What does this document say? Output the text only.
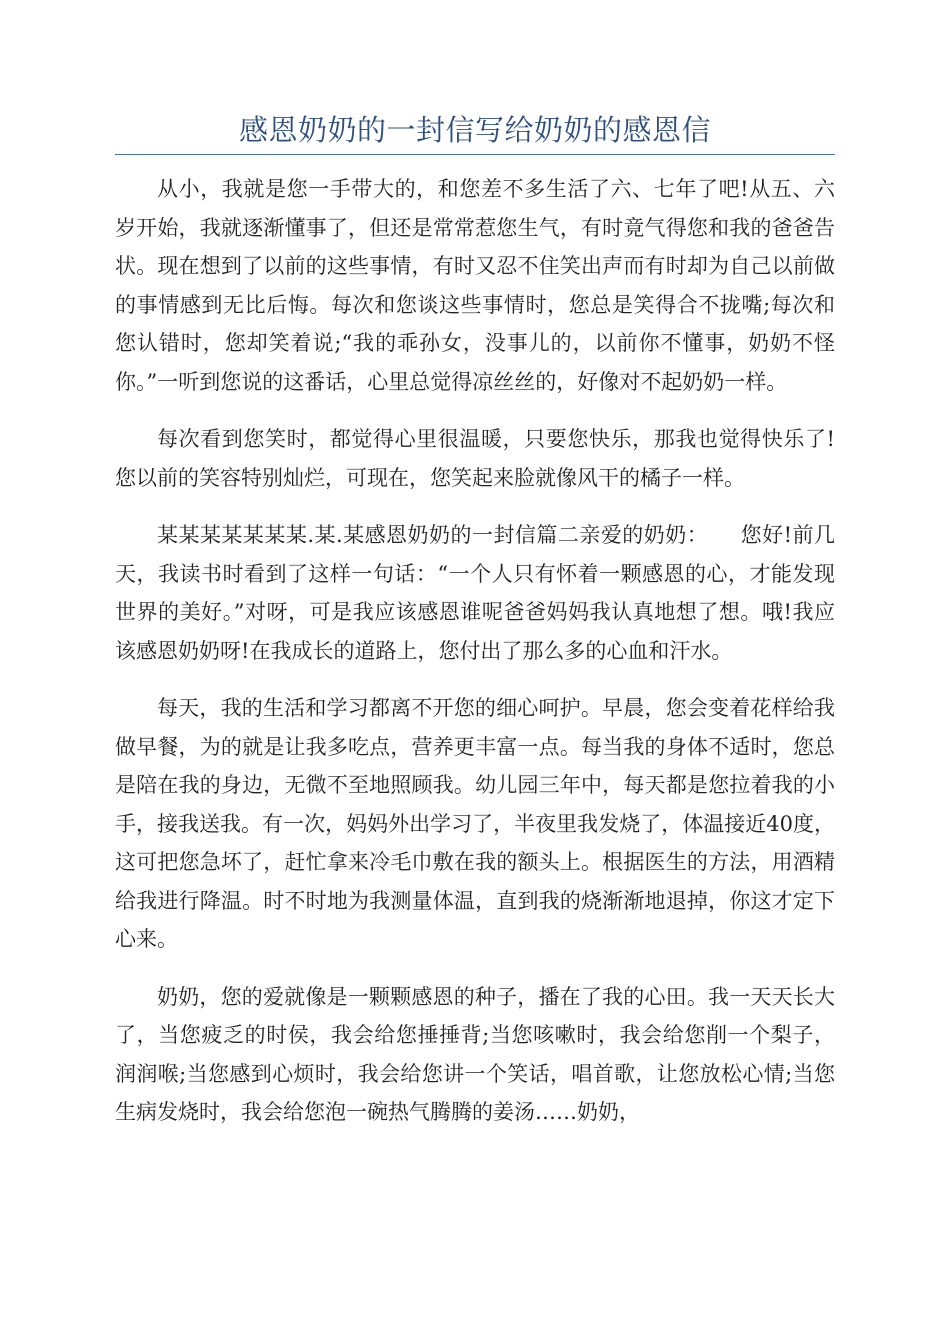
感恩奶奶的一封信写给奶奶的感恩信

从小，我就是您一手带大的，和您差不多生活了六、七年了吧!从五、六岁开始，我就逐渐懂事了，但还是常常惹您生气，有时竟气得您和我的爸爸告状。现在想到了以前的这些事情，有时又忍不住笑出声而有时却为自己以前做的事情感到无比后悔。每次和您谈这些事情时，您总是笑得合不拢嘴;每次和您认错时，您却笑着说;“我的乖孙女，没事儿的，以前你不懂事，奶奶不怪你。”一听到您说的这番话，心里总觉得凉丝丝的，好像对不起奶奶一样。

每次看到您笑时，都觉得心里很温暖，只要您快乐，那我也觉得快乐了!您以前的笑容特别灿烂，可现在，您笑起来脸就像风干的橘子一样。

某某某某某某某.某.某感恩奶奶的一封信篇二亲爱的奶奶：　　您好!前几天，我读书时看到了这样一句话：“一个人只有怀着一颗感恩的心，才能发现世界的美好。”对呀，可是我应该感恩谁呢爸爸妈妈我认真地想了想。哦!我应该感恩奶奶呀!在我成长的道路上，您付出了那么多的心血和汗水。

每天，我的生活和学习都离不开您的细心呵护。早晨，您会变着花样给我做早餐，为的就是让我多吃点，营养更丰富一点。每当我的身体不适时，您总是陪在我的身边，无微不至地照顾我。幼儿园三年中，每天都是您拉着我的小手，接我送我。有一次，妈妈外出学习了，半夜里我发烧了，体温接近40度，这可把您急坏了，赶忙拿来冷毛巾敷在我的额头上。根据医生的方法，用酒精给我进行降温。时不时地为我测量体温，直到我的烧渐渐地退掉，你这才定下心来。

奶奶，您的爱就像是一颗颗感恩的种子，播在了我的心田。我一天天长大了，当您疲乏的时侯，我会给您捶捶背;当您咳嗽时，我会给您削一个梨子，润润喉;当您感到心烦时，我会给您讲一个笑话，唱首歌，让您放松心情;当您生病发烧时，我会给您泡一碗热气腾腾的姜汤……奶奶，
